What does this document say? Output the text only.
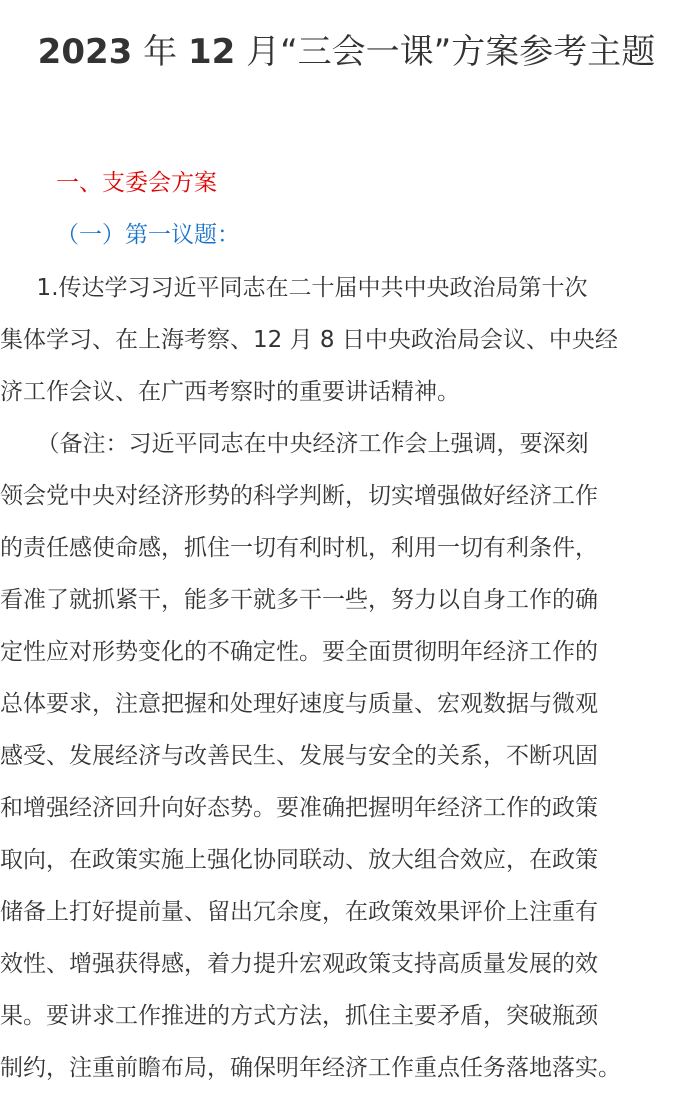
2023 年 12 月“三会一课”方案参考主题
一、支委会方案
（一）第一议题：
1.传达学习习近平同志在二十届中共中央政治局第十次
集体学习、在上海考察、12 月 8 日中央政治局会议、中央经
济工作会议、在广西考察时的重要讲话精神。
（备注：习近平同志在中央经济工作会上强调，要深刻
领会党中央对经济形势的科学判断，切实增强做好经济工作
的责任感使命感，抓住一切有利时机，利用一切有利条件，
看准了就抓紧干，能多干就多干一些，努力以自身工作的确
定性应对形势变化的不确定性。要全面贯彻明年经济工作的
总体要求，注意把握和处理好速度与质量、宏观数据与微观
感受、发展经济与改善民生、发展与安全的关系，不断巩固
和增强经济回升向好态势。要准确把握明年经济工作的政策
取向，在政策实施上强化协同联动、放大组合效应，在政策
储备上打好提前量、留出冗余度，在政策效果评价上注重有
效性、增强获得感，着力提升宏观政策支持高质量发展的效
果。要讲求工作推进的方式方法，抓住主要矛盾，突破瓶颈
制约，注重前瞻布局，确保明年经济工作重点任务落地落实。
